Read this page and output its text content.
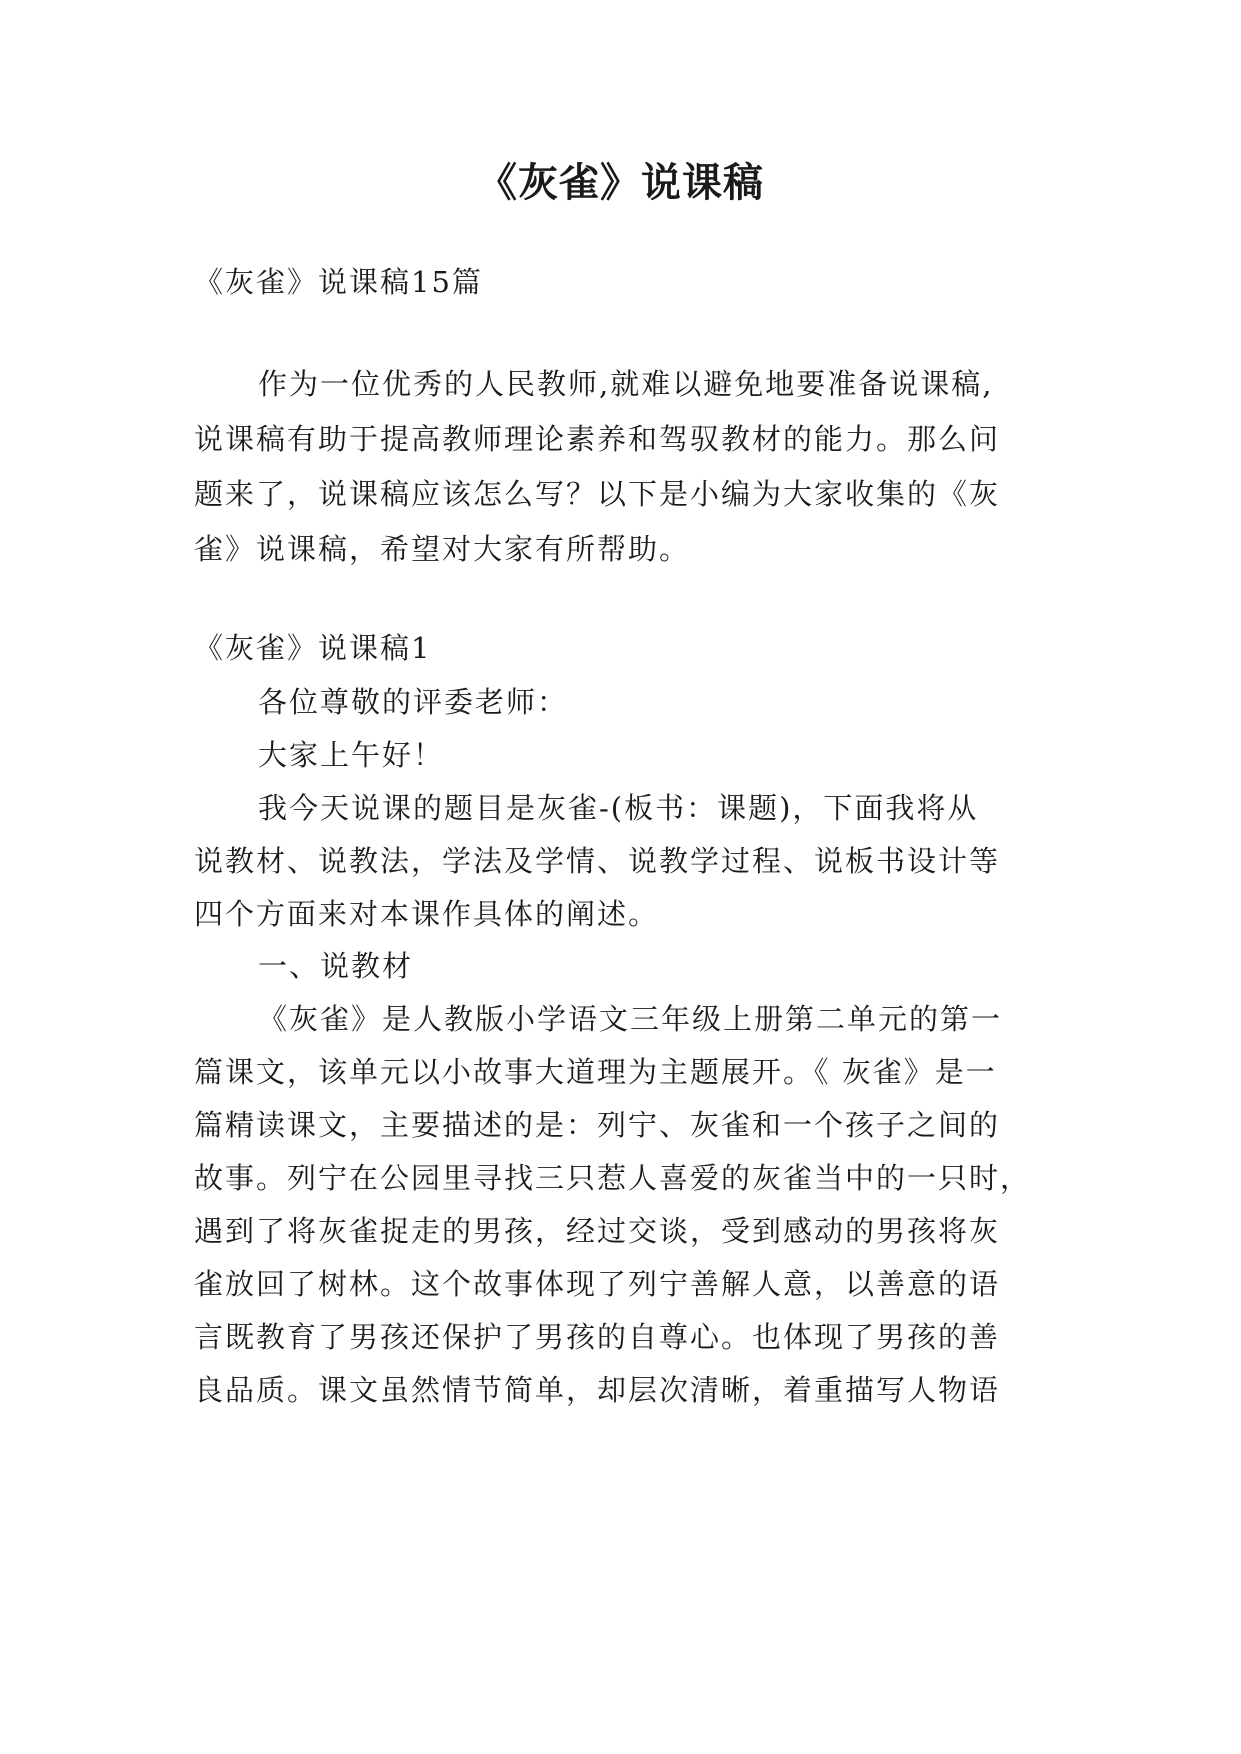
《灰雀》说课稿

《灰雀》说课稿15篇

作为一位优秀的人民教师,就难以避免地要准备说课稿,

说课稿有助于提高教师理论素养和驾驭教材的能力。那么问

题来了，说课稿应该怎么写？以下是小编为大家收集的《灰

雀》说课稿，希望对大家有所帮助。

《灰雀》说课稿1

各位尊敬的评委老师：

大家上午好！

我今天说课的题目是灰雀-(板书：课题)，下面我将从

说教材、说教法，学法及学情、说教学过程、说板书设计等

四个方面来对本课作具体的阐述。

一、说教材

《灰雀》是人教版小学语文三年级上册第二单元的第一

篇课文，该单元以小故事大道理为主题展开。《 灰雀》是一

篇精读课文，主要描述的是：列宁、灰雀和一个孩子之间的

故事。列宁在公园里寻找三只惹人喜爱的灰雀当中的一只时，

遇到了将灰雀捉走的男孩，经过交谈，受到感动的男孩将灰

雀放回了树林。这个故事体现了列宁善解人意，以善意的语

言既教育了男孩还保护了男孩的自尊心。也体现了男孩的善

良品质。课文虽然情节简单，却层次清晰，着重描写人物语
